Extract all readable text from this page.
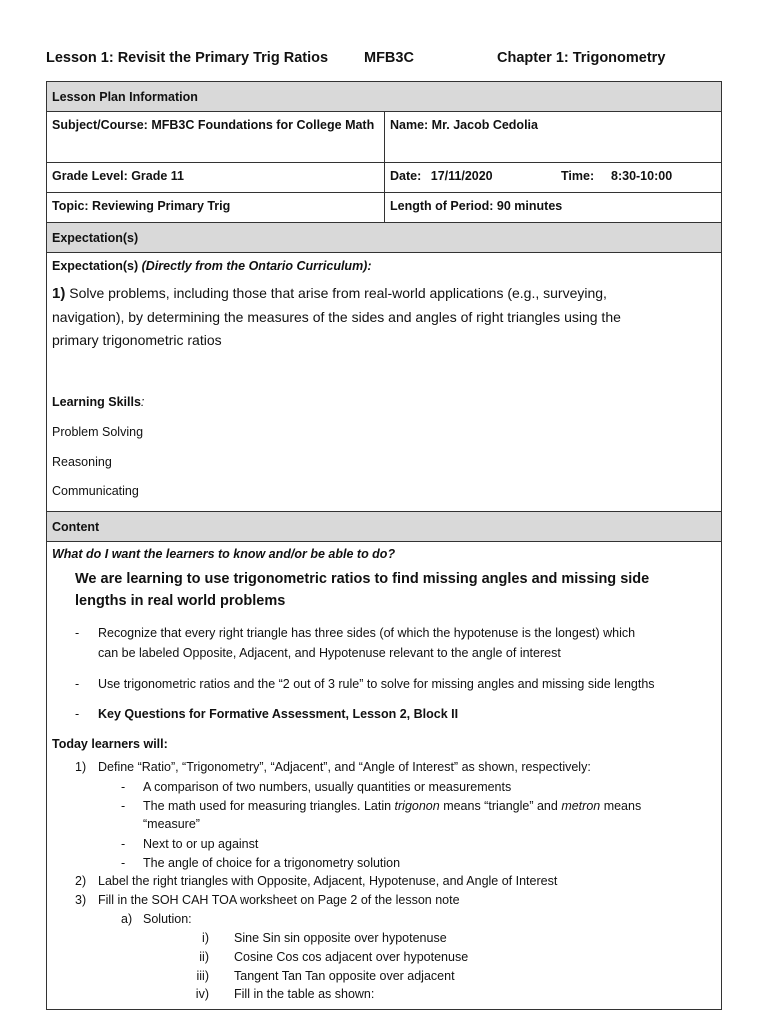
Lesson 1: Revisit the Primary Trig Ratios MFB3C	Chapter 1: Trigonometry
Lesson Plan Information
Subject/Course: MFB3C Foundations for College Math	Name: Mr. Jacob Cedolia
Grade Level: Grade 11	Date: 17/11/2020	Time: 8:30-10:00
Topic: Reviewing Primary Trig	Length of Period: 90 minutes
Expectation(s)
Expectation(s) (Directly from the Ontario Curriculum):
1) Solve problems, including those that arise from real-world applications (e.g., surveying,
navigation), by determining the measures of the sides and angles of right triangles using the
primary trigonometric ratios
Learning Skills:
Problem Solving
Reasoning
Communicating
Content
What do I want the learners to know and/or be able to do?
We are learning to use trigonometric ratios to find missing angles and missing side
lengths in real world problems
- Recognize that every right triangle has three sides (of which the hypotenuse is the longest) which
can be labeled Opposite, Adjacent, and Hypotenuse relevant to the angle of interest
- Use trigonometric ratios and the “2 out of 3 rule” to solve for missing angles and missing side lengths
- Key Questions for Formative Assessment, Lesson 2, Block II
Today learners will:
1) Define “Ratio”, “Trigonometry”, “Adjacent”, and “Angle of Interest” as shown, respectively:
- A comparison of two numbers, usually quantities or measurements
- The math used for measuring triangles. Latin trigonon means “triangle” and metron means
“measure”
- Next to or up against
- The angle of choice for a trigonometry solution
2) Label the right triangles with Opposite, Adjacent, Hypotenuse, and Angle of Interest
3) Fill in the SOH CAH TOA worksheet on Page 2 of the lesson note
a) Solution:
i) Sine Sin sin opposite over hypotenuse
ii) Cosine Cos cos adjacent over hypotenuse
iii) Tangent Tan Tan opposite over adjacent
iv) Fill in the table as shown:
